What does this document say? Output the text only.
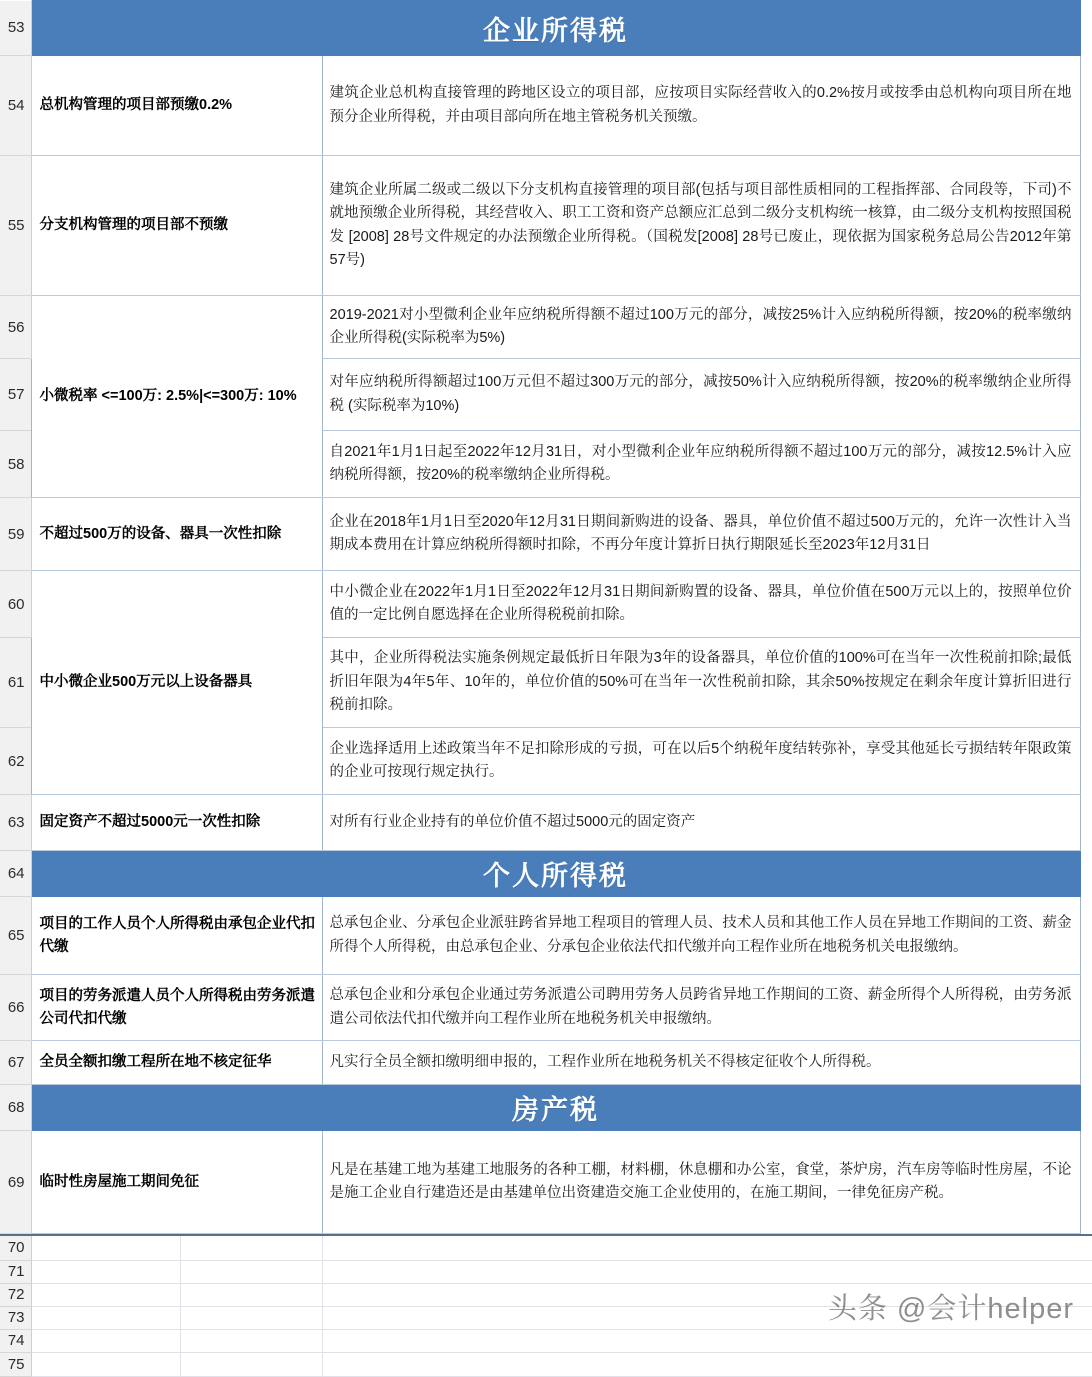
53	企业所得税	
54	总机构管理的项目部预缴0.2%	建筑企业总机构直接管理的跨地区设立的项目部，应按项目实际经营收入的0.2%按月或按季由总机构向项目所在地预分企业所得税，并由项目部向所在地主管税务机关预缴。
55	分支机构管理的项目部不预缴	建筑企业所属二级或二级以下分支机构直接管理的项目部(包括与项目部性质相同的工程指挥部、合同段等，下司)不就地预缴企业所得税，其经营收入、职工工资和资产总额应汇总到二级分支机构统一核算，由二级分支机构按照国税发 [2008] 28号文件规定的办法预缴企业所得税。（国税发[2008] 28号已废止，现依据为国家税务总局公告2012年第57号)
56	小微税率 <=100万: 2.5%|<=300万: 10%	2019-2021对小型微利企业年应纳税所得额不超过100万元的部分，减按25%计入应纳税所得额，按20%的税率缴纳企业所得税(实际税率为5%)
57		对年应纳税所得额超过100万元但不超过300万元的部分，减按50%计入应纳税所得额，按20%的税率缴纳企业所得税 (实际税率为10%)
58		自2021年1月1日起至2022年12月31日，对小型微利企业年应纳税所得额不超过100万元的部分，减按12.5%计入应纳税所得额，按20%的税率缴纳企业所得税。
59	不超过500万的设备、器具一次性扣除	企业在2018年1月1日至2020年12月31日期间新购进的设备、器具，单位价值不超过500万元的，允许一次性计入当期成本费用在计算应纳税所得额时扣除，不再分年度计算折日执行期限延长至2023年12月31日
60	中小微企业500万元以上设备器具	中小微企业在2022年1月1日至2022年12月31日期间新购置的设备、器具，单位价值在500万元以上的，按照单位价值的一定比例自愿选择在企业所得税税前扣除。
61		其中，企业所得税法实施条例规定最低折日年限为3年的设备器具，单位价值的100%可在当年一次性税前扣除;最低折旧年限为4年5年、10年的，单位价值的50%可在当年一次性税前扣除，其余50%按规定在剩余年度计算折旧进行税前扣除。
62		企业选择适用上述政策当年不足扣除形成的亏损，可在以后5个纳税年度结转弥补，享受其他延长亏损结转年限政策的企业可按现行规定执行。
63	固定资产不超过5000元一次性扣除	对所有行业企业持有的单位价值不超过5000元的固定资产
64	个人所得税	
65	项目的工作人员个人所得税由承包企业代扣代缴	总承包企业、分承包企业派驻跨省异地工程项目的管理人员、技术人员和其他工作人员在异地工作期间的工资、薪金所得个人所得税，由总承包企业、分承包企业依法代扣代缴并向工程作业所在地税务机关电报缴纳。
66	项目的劳务派遣人员个人所得税由劳务派遣公司代扣代缴	总承包企业和分承包企业通过劳务派遣公司聘用劳务人员跨省异地工作期间的工资、薪金所得个人所得税，由劳务派遣公司依法代扣代缴并向工程作业所在地税务机关申报缴纳。
67	全员全额扣缴工程所在地不核定征华	凡实行全员全额扣缴明细申报的，工程作业所在地税务机关不得核定征收个人所得税。
68	房产税	
69	临时性房屋施工期间免征	凡是在基建工地为基建工地服务的各种工棚，材料棚，休息棚和办公室，食堂，茶炉房，汽车房等临时性房屋，不论是施工企业自行建造还是由基建单位出资建造交施工企业使用的，在施工期间，一律免征房产税。
70			
71			
72			
73			
74			
75			
头条 @会计helper
